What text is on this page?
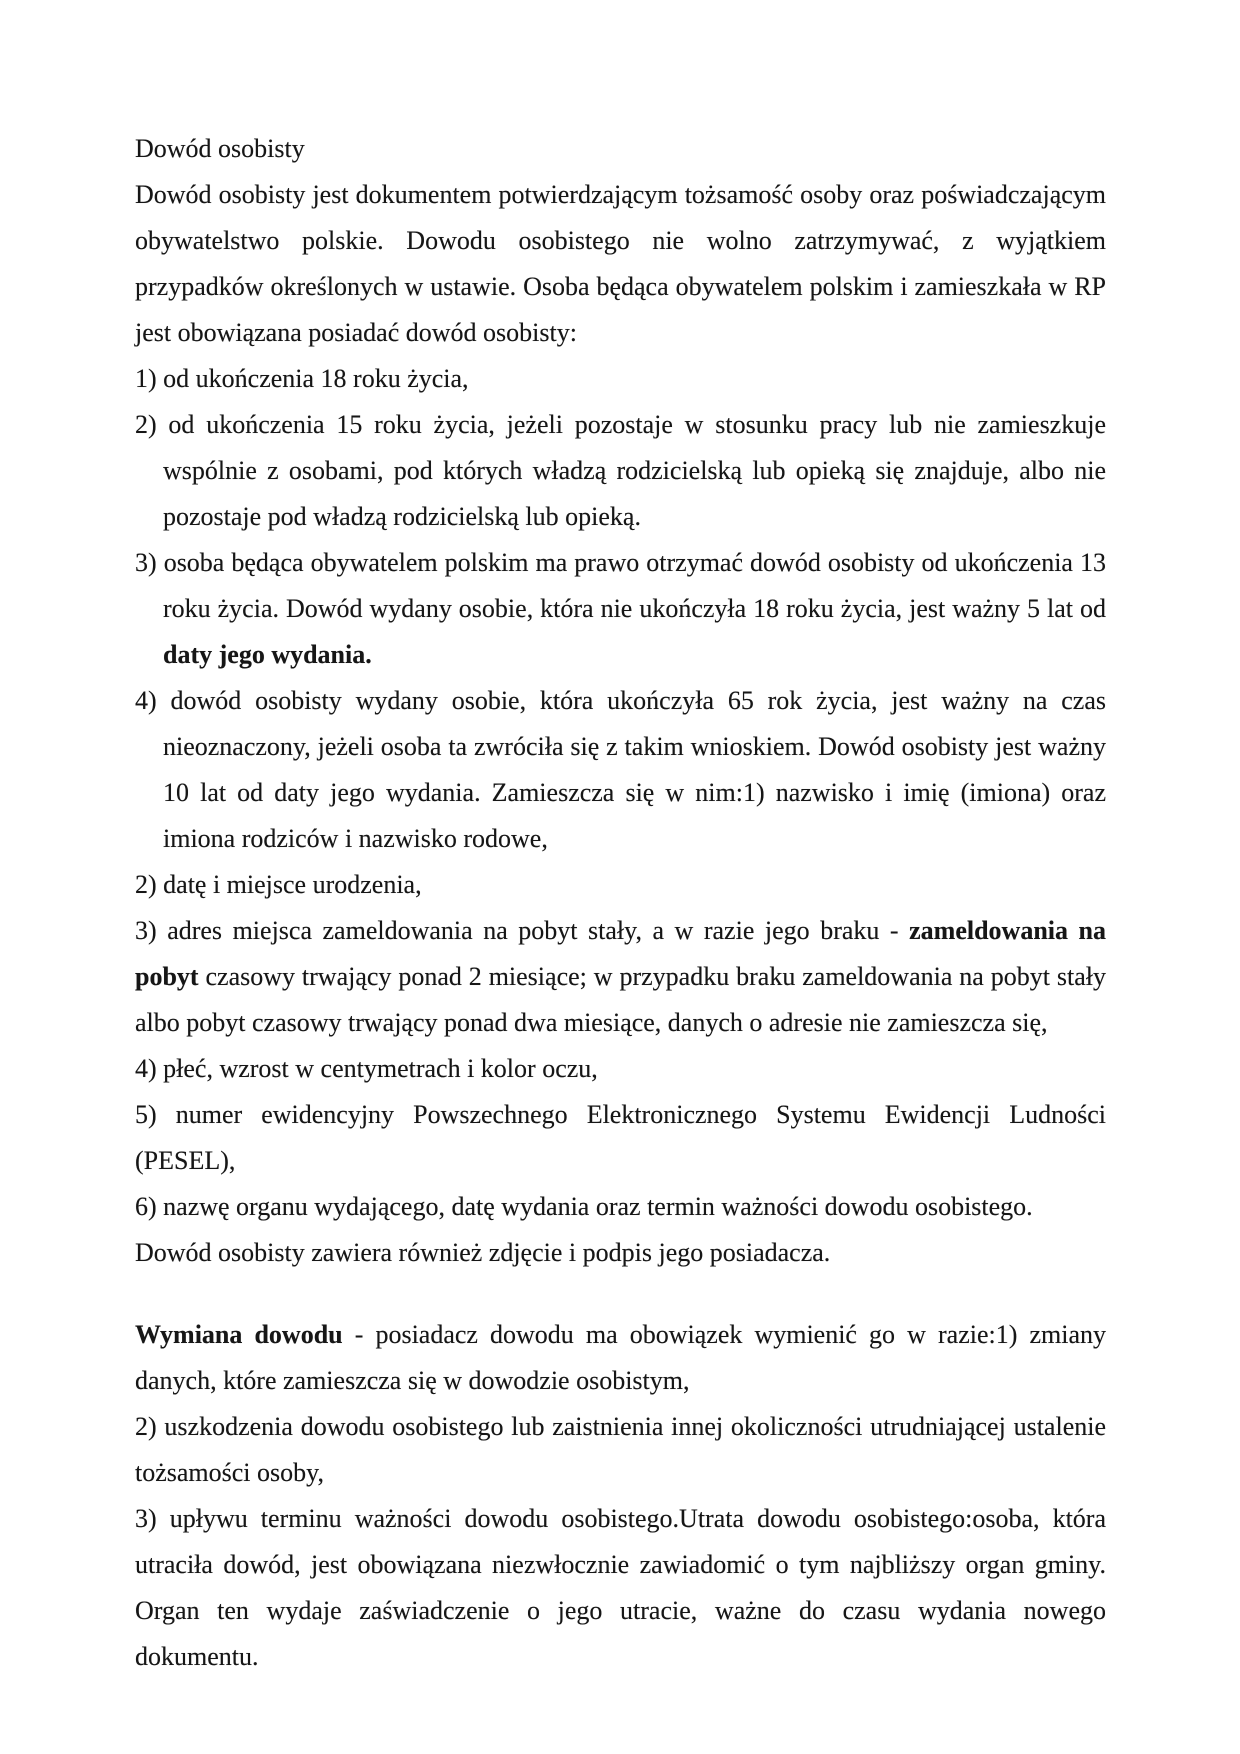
Dowód osobisty

Dowód osobisty jest dokumentem potwierdzającym tożsamość osoby oraz poświadczającym obywatelstwo polskie. Dowodu osobistego nie wolno zatrzymywać, z wyjątkiem przypadków określonych w ustawie. Osoba będąca obywatelem polskim i zamieszkała w RP jest obowiązana posiadać dowód osobisty:

1) od ukończenia 18 roku życia,

2) od ukończenia 15 roku życia, jeżeli pozostaje w stosunku pracy lub nie zamieszkuje wspólnie z osobami, pod których władzą rodzicielską lub opieką się znajduje, albo nie pozostaje pod władzą rodzicielską lub opieką.

3) osoba będąca obywatelem polskim ma prawo otrzymać dowód osobisty od ukończenia 13 roku życia. Dowód wydany osobie, która nie ukończyła 18 roku życia, jest ważny 5 lat od daty jego wydania.

4) dowód osobisty wydany osobie, która ukończyła 65 rok życia, jest ważny na czas nieoznaczony, jeżeli osoba ta zwróciła się z takim wnioskiem. Dowód osobisty jest ważny 10 lat od daty jego wydania. Zamieszcza się w nim:1) nazwisko i imię (imiona) oraz imiona rodziców i nazwisko rodowe,

2) datę i miejsce urodzenia,

3) adres miejsca zameldowania na pobyt stały, a w razie jego braku - zameldowania na pobyt czasowy trwający ponad 2 miesiące; w przypadku braku zameldowania na pobyt stały albo pobyt czasowy trwający ponad dwa miesiące, danych o adresie nie zamieszcza się,

4) płeć, wzrost w centymetrach i kolor oczu,

5) numer ewidencyjny Powszechnego Elektronicznego Systemu Ewidencji Ludności (PESEL),

6) nazwę organu wydającego, datę wydania oraz termin ważności dowodu osobistego.

Dowód osobisty zawiera również zdjęcie i podpis jego posiadacza.

Wymiana dowodu - posiadacz dowodu ma obowiązek wymienić go w razie:1) zmiany danych, które zamieszcza się w dowodzie osobistym,

2) uszkodzenia dowodu osobistego lub zaistnienia innej okoliczności utrudniającej ustalenie tożsamości osoby,

3) upływu terminu ważności dowodu osobistego.Utrata dowodu osobistego:osoba, która utraciła dowód, jest obowiązana niezwłocznie zawiadomić o tym najbliższy organ gminy. Organ ten wydaje zaświadczenie o jego utracie, ważne do czasu wydania nowego dokumentu.
